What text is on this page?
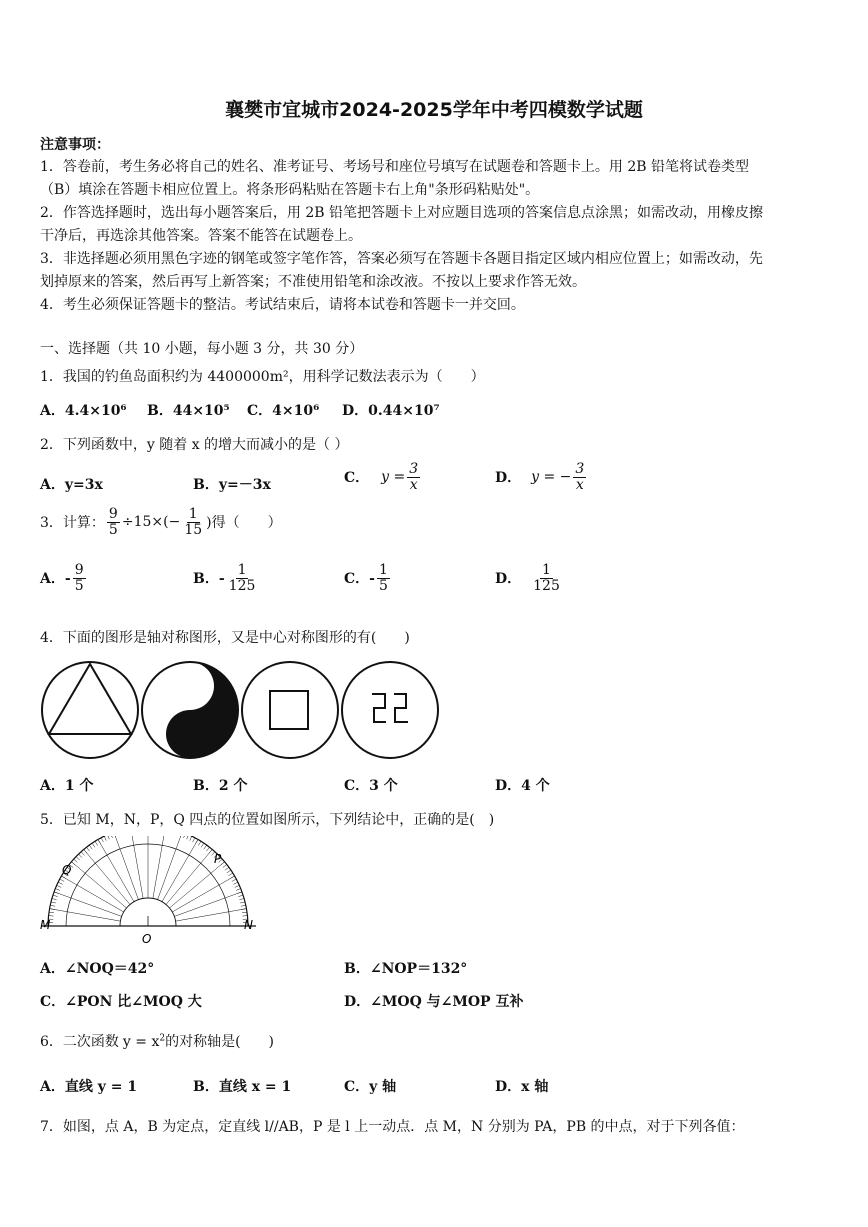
襄樊市宜城市2024-2025学年中考四模数学试题
注意事项：
1．答卷前，考生务必将自己的姓名、准考证号、考场号和座位号填写在试题卷和答题卡上。用 2B 铅笔将试卷类型
（B）填涂在答题卡相应位置上。将条形码粘贴在答题卡右上角"条形码粘贴处"。
2．作答选择题时，选出每小题答案后，用 2B 铅笔把答题卡上对应题目选项的答案信息点涂黑；如需改动，用橡皮擦
干净后，再选涂其他答案。答案不能答在试题卷上。
3．非选择题必须用黑色字迹的钢笔或签字笔作答，答案必须写在答题卡各题目指定区域内相应位置上；如需改动，先
划掉原来的答案，然后再写上新答案；不准使用铅笔和涂改液。不按以上要求作答无效。
4．考生必须保证答题卡的整洁。考试结束后，请将本试卷和答题卡一并交回。
一、选择题（共 10 小题，每小题 3 分，共 30 分）
1．我国的钓鱼岛面积约为 4400000m²，用科学记数法表示为（　　）
A．4.4×10⁶ B．44×10⁵ C．4×10⁶ D．0.44×10⁷
2．下列函数中，y 随着 x 的增大而减小的是（ ）
A．y=3x	B．y=－3x	C． $y = \frac{3}{x}$	D． y = − $\frac{3}{x}$
3．计算： $\frac{9}{5} \div 15\times(- \frac{1}{15}$ )得（　　）
A．- $\frac{9}{5}$	B．- $\frac{1}{125}$	C．- $\frac{1}{5}$	D． $\frac{1}{125}$
4．下面的图形是轴对称图形，又是中心对称图形的有(　　)
A．1 个	B．2 个	C．3 个	D．4 个
5．已知 M，N，P，Q 四点的位置如图所示，下列结论中，正确的是(　)
M	N
P
Q
O
A．∠NOQ＝42°	B．∠NOP＝132°
C．∠PON 比∠MOQ 大	D．∠MOQ 与∠MOP 互补
6．二次函数 $y = x^2$的对称轴是(　　)
A．直线 y = 1	B．直线 x = 1	C．y 轴	D．x 轴
7．如图，点 A，B 为定点，定直线 l//AB，P 是 l 上一动点．点 M，N 分别为 PA，PB 的中点，对于下列各值：
